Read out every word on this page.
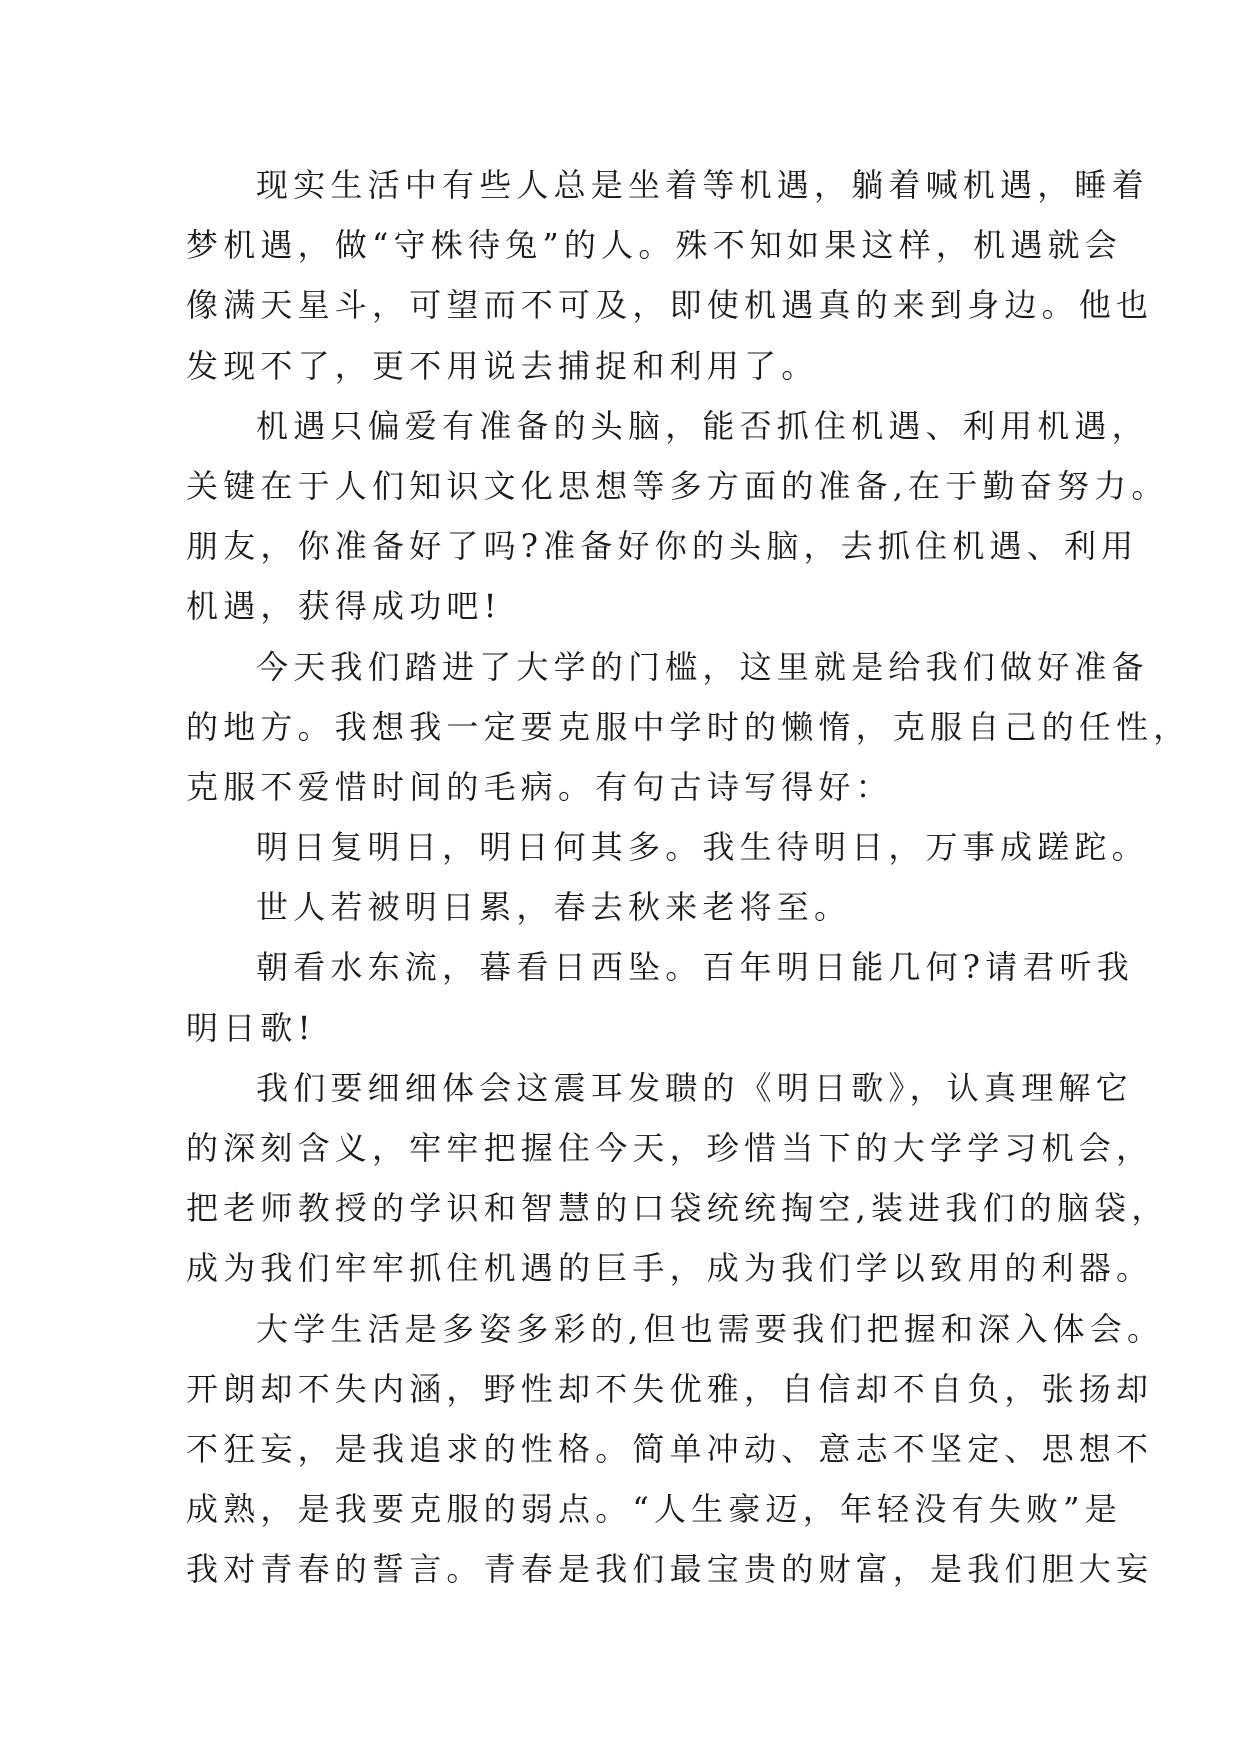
现实生活中有些人总是坐着等机遇，躺着喊机遇，睡着
梦机遇，做“守株待兔”的人。殊不知如果这样，机遇就会
像满天星斗，可望而不可及，即使机遇真的来到身边。他也
发现不了，更不用说去捕捉和利用了。
机遇只偏爱有准备的头脑，能否抓住机遇、利用机遇，
关键在于人们知识文化思想等多方面的准备,在于勤奋努力。
朋友，你准备好了吗?准备好你的头脑，去抓住机遇、利用
机遇，获得成功吧!
今天我们踏进了大学的门槛，这里就是给我们做好准备
的地方。我想我一定要克服中学时的懒惰，克服自己的任性，
克服不爱惜时间的毛病。有句古诗写得好：
明日复明日，明日何其多。我生待明日，万事成蹉跎。
世人若被明日累，春去秋来老将至。
朝看水东流，暮看日西坠。百年明日能几何?请君听我
明日歌!
我们要细细体会这震耳发聩的《明日歌》，认真理解它
的深刻含义，牢牢把握住今天，珍惜当下的大学学习机会，
把老师教授的学识和智慧的口袋统统掏空,装进我们的脑袋，
成为我们牢牢抓住机遇的巨手，成为我们学以致用的利器。
大学生活是多姿多彩的,但也需要我们把握和深入体会。
开朗却不失内涵，野性却不失优雅，自信却不自负，张扬却
不狂妄，是我追求的性格。简单冲动、意志不坚定、思想不
成熟，是我要克服的弱点。“人生豪迈，年轻没有失败”是
我对青春的誓言。青春是我们最宝贵的财富，是我们胆大妄
